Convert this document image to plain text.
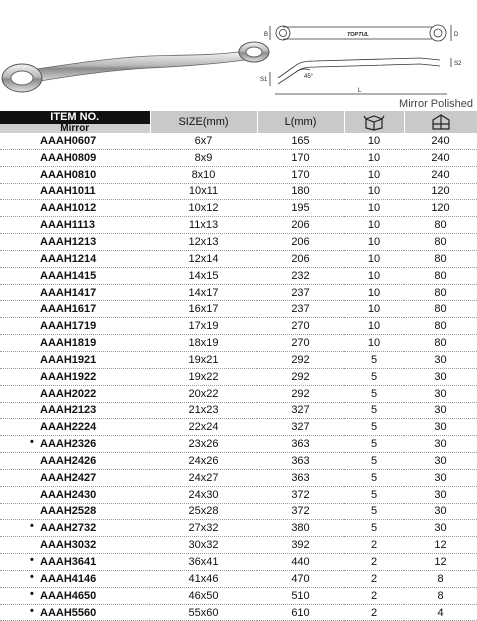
B	D
TOPTUL
S1
S2
45°
L
Mirror Polished
ITEM NO.
Mirror	SIZE(mm)	L(mm)		

AAAH0607	6x7	165	10	240

AAAH0809	8x9	170	10	240

AAAH0810	8x10	170	10	240

AAAH1011	10x11	180	10	120

AAAH1012	10x12	195	10	120

AAAH1113	11x13	206	10	80

AAAH1213	12x13	206	10	80

AAAH1214	12x14	206	10	80

AAAH1415	14x15	232	10	80

AAAH1417	14x17	237	10	80

AAAH1617	16x17	237	10	80

AAAH1719	17x19	270	10	80

AAAH1819	18x19	270	10	80

AAAH1921	19x21	292	5	30

AAAH1922	19x22	292	5	30

AAAH2022	20x22	292	5	30

AAAH2123	21x23	327	5	30

AAAH2224	22x24	327	5	30

• AAAH2326	23x26	363	5	30

AAAH2426	24x26	363	5	30

AAAH2427	24x27	363	5	30

AAAH2430	24x30	372	5	30

AAAH2528	25x28	372	5	30

• AAAH2732	27x32	380	5	30

AAAH3032	30x32	392	2	12

• AAAH3641	36x41	440	2	12

• AAAH4146	41x46	470	2	8

• AAAH4650	46x50	510	2	8

• AAAH5560	55x60	610	2	4
